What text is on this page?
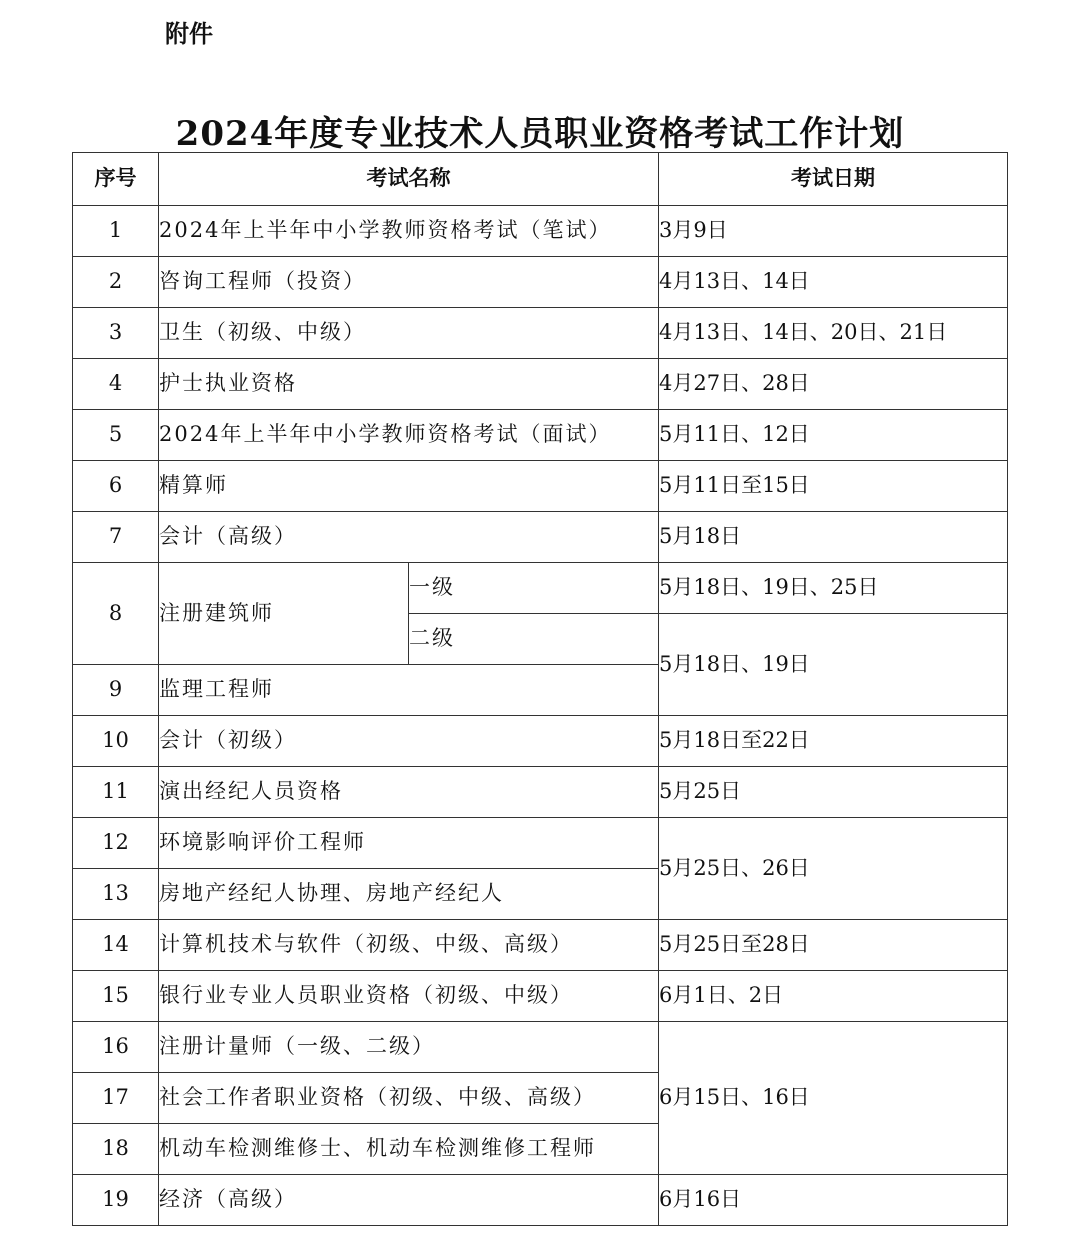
附件
2024年度专业技术人员职业资格考试工作计划
序号	考试名称		考试日期
1	2024年上半年中小学教师资格考试（笔试）		3月9日
2	咨询工程师（投资）		4月13日、14日
3	卫生（初级、中级）		4月13日、14日、20日、21日
4	护士执业资格		4月27日、28日
5	2024年上半年中小学教师资格考试（面试）		5月11日、12日
6	精算师		5月11日至15日
7	会计（高级）		5月18日
8	注册建筑师	一级	5月18日、19日、25日
		二级	5月18日、19日
9	监理工程师		
10	会计（初级）		5月18日至22日
11	演出经纪人员资格		5月25日
12	环境影响评价工程师		5月25日、26日
13	房地产经纪人协理、房地产经纪人		
14	计算机技术与软件（初级、中级、高级）		5月25日至28日
15	银行业专业人员职业资格（初级、中级）		6月1日、2日
16	注册计量师（一级、二级）		6月15日、16日
17	社会工作者职业资格（初级、中级、高级）		
18	机动车检测维修士、机动车检测维修工程师		
19	经济（高级）		6月16日
